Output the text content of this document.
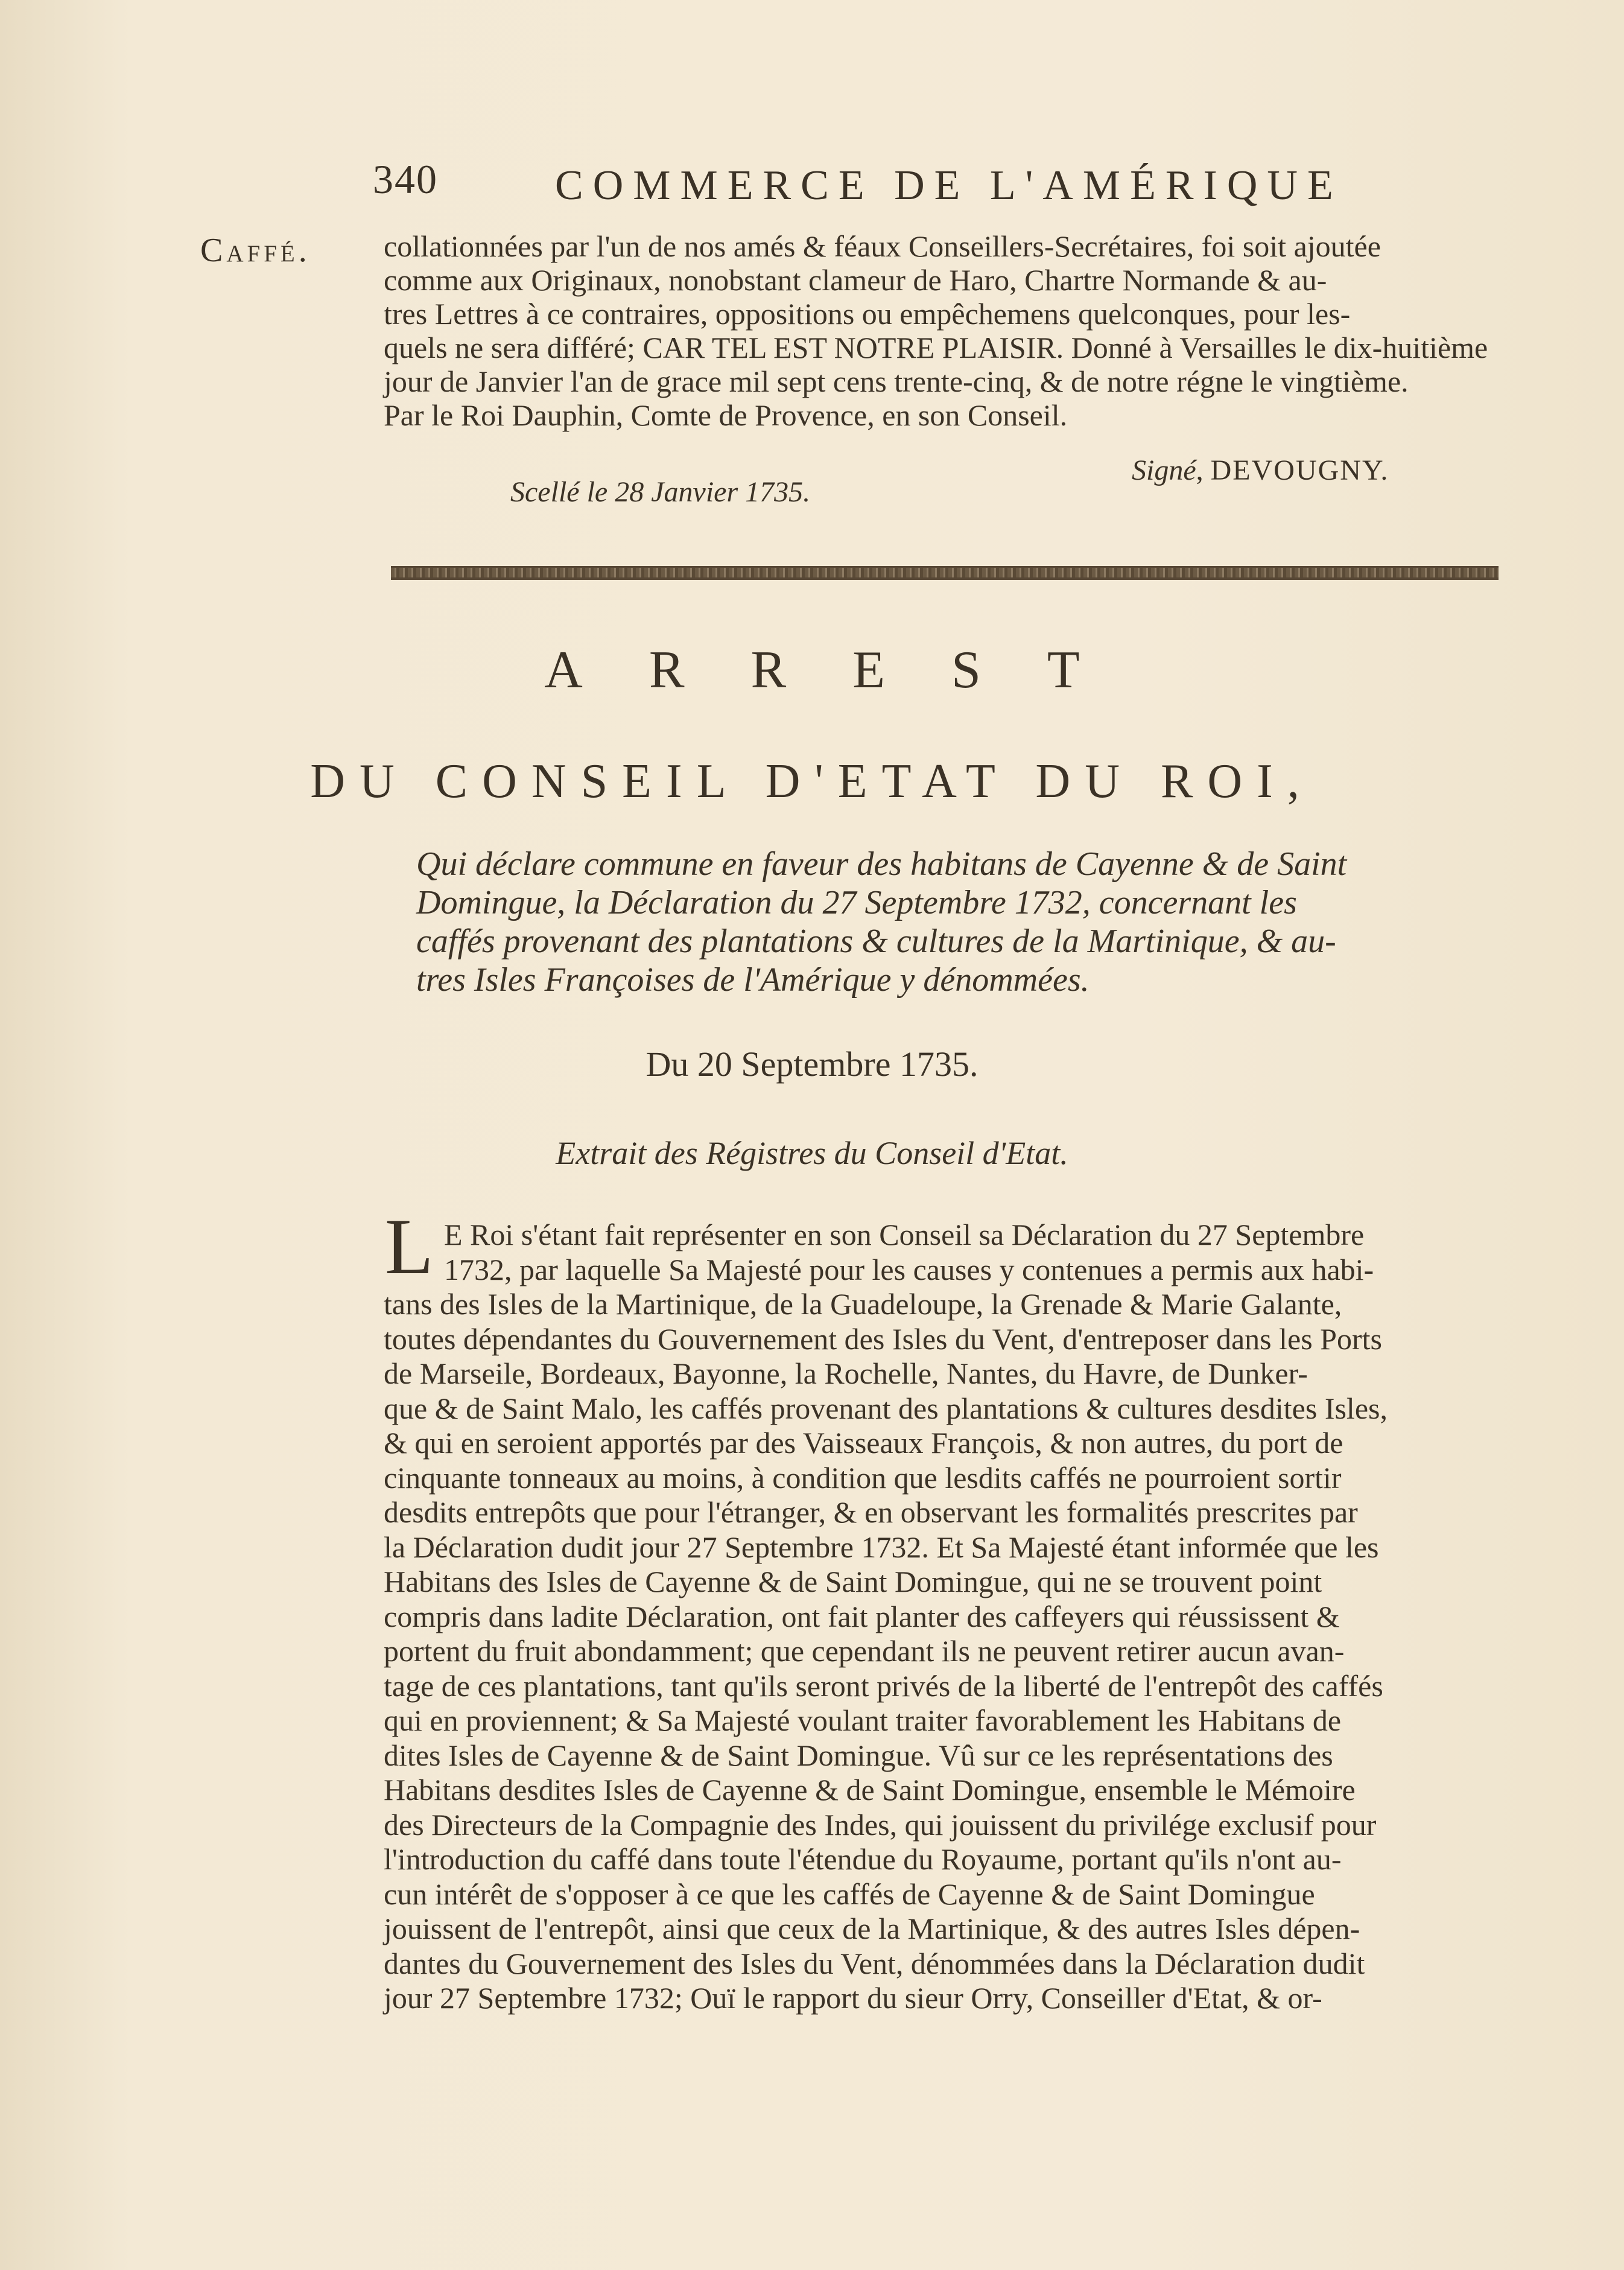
340	COMMERCE DE L'AMÉRIQUE
Caffé. collationnées par l'un de nos amés & féaux Conseillers-Secrétaires, foi soit ajoutée
comme aux Originaux, nonobstant clameur de Haro, Chartre Normande & au-
tres Lettres à ce contraires, oppositions ou empêchemens quelconques, pour les-
quels ne sera différé; CAR TEL EST NOTRE PLAISIR. Donné à Versailles le dix-huitième
jour de Janvier l'an de grace mil sept cens trente-cinq, & de notre régne le vingtième.
Par le Roi Dauphin, Comte de Provence, en son Conseil.
Signé, DEVOUGNY.
Scellé le 28 Janvier 1735.
ARREST
DU CONSEIL D'ETAT DU ROI,
Qui déclare commune en faveur des habitans de Cayenne & de Saint
Domingue, la Déclaration du 27 Septembre 1732, concernant les
caffés provenant des plantations & cultures de la Martinique, & au-
tres Isles Françoises de l'Amérique y dénommées.
Du 20 Septembre 1735.
Extrait des Régistres du Conseil d'Etat.
L E Roi s'étant fait représenter en son Conseil sa Déclaration du 27 Septembre
1732, par laquelle Sa Majesté pour les causes y contenues a permis aux habi-
tans des Isles de la Martinique, de la Guadeloupe, la Grenade & Marie Galante,
toutes dépendantes du Gouvernement des Isles du Vent, d'entreposer dans les Ports
de Marseile, Bordeaux, Bayonne, la Rochelle, Nantes, du Havre, de Dunker-
que & de Saint Malo, les caffés provenant des plantations & cultures desdites Isles,
& qui en seroient apportés par des Vaisseaux François, & non autres, du port de
cinquante tonneaux au moins, à condition que lesdits caffés ne pourroient sortir
desdits entrepôts que pour l'étranger, & en observant les formalités prescrites par
la Déclaration dudit jour 27 Septembre 1732. Et Sa Majesté étant informée que les
Habitans des Isles de Cayenne & de Saint Domingue, qui ne se trouvent point
compris dans ladite Déclaration, ont fait planter des caffeyers qui réussissent &
portent du fruit abondamment; que cependant ils ne peuvent retirer aucun avan-
tage de ces plantations, tant qu'ils seront privés de la liberté de l'entrepôt des caffés
qui en proviennent; & Sa Majesté voulant traiter favorablement les Habitans de
dites Isles de Cayenne & de Saint Domingue. Vû sur ce les représentations des
Habitans desdites Isles de Cayenne & de Saint Domingue, ensemble le Mémoire
des Directeurs de la Compagnie des Indes, qui jouissent du privilége exclusif pour
l'introduction du caffé dans toute l'étendue du Royaume, portant qu'ils n'ont au-
cun intérêt de s'opposer à ce que les caffés de Cayenne & de Saint Domingue
jouissent de l'entrepôt, ainsi que ceux de la Martinique, & des autres Isles dépen-
dantes du Gouvernement des Isles du Vent, dénommées dans la Déclaration dudit
jour 27 Septembre 1732; Ouï le rapport du sieur Orry, Conseiller d'Etat, & or-
